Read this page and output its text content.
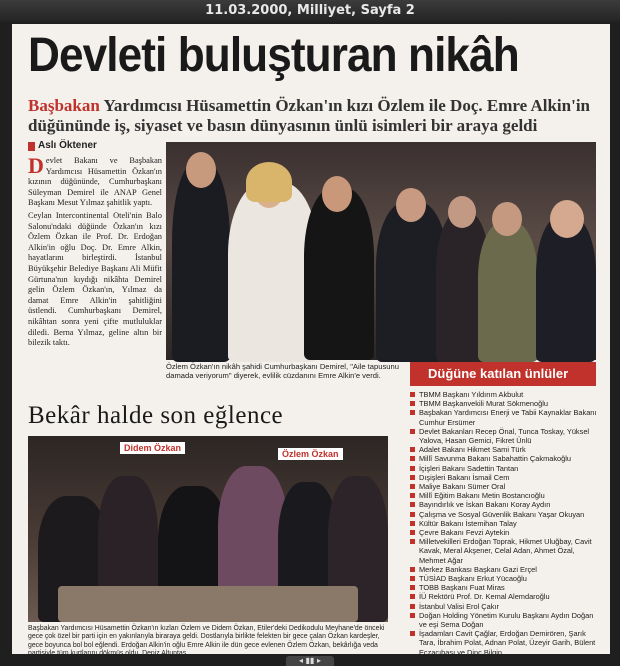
11.03.2000, Milliyet, Sayfa 2
Devleti buluşturan nikâh
Başbakan Yardımcısı Hüsamettin Özkan'ın kızı Özlem ile Doç. Emre Alkin'in düğününde iş, siyaset ve basın dünyasının ünlü isimleri bir araya geldi
Aslı Öktener

Devlet Bakanı ve Başbakan Yardımcısı Hüsamettin Özkan'ın kızının düğününde, Cumhurbaşkanı Süleyman Demirel ile ANAP Genel Başkanı Mesut Yılmaz şahitlik yaptı.

Ceylan Intercontinental Oteli'nin Balo Salonu'ndaki düğünde Özkan'ın kızı Özlem Özkan ile Prof. Dr. Erdoğan Alkin'in oğlu Doç. Dr. Emre Alkin, hayatlarını birleştirdi. İstanbul Büyükşehir Belediye Başkanı Ali Müfit Gürtuna'nın kıydığı nikâhta Demirel gelin Özlem Özkan'ın, Yılmaz da damat Emre Alkin'in şahitliğini üstlendi. Cumhurbaşkanı Demirel, nikâhtan sonra yeni çifte mutluluklar diledi. Berna Yılmaz, geline altın bir bilezik taktı.

Özlem Özkan'ın nikâh şahidi Cumhurbaşkanı Demirel, "Aile tapusunu damada veriyorum" diyerek, evlilik cüzdanını Emre Alkin'e verdi.	Düğüne katılan ünlüler
Bekâr halde son eğlence
Didem Özkan
Özlem Özkan
Başbakan Yardımcısı Hüsamettin Özkan'ın kızları Özlem ve Didem Özkan, Etiler'deki Dedikodulu Meyhane'de önceki gece çok özel bir parti için en yakınlarıyla biraraya geldi. Dostlarıyla birlikte felekten bir gece çalan Özkan kardeşler, gece boyunca bol bol eğlendi. Erdoğan Alkin'in oğlu Emre Alkin ile dün gece evlenen Özlem Özkan, bekârlığa veda partisiyle tüm kurtlarını dökmüş oldu. Deniz Altuntaş
TBMM Başkanı Yıldırım Akbulut
TBMM Başkanvekili Murat Sökmenoğlu
Başbakan Yardımcısı Enerji ve Tabii Kaynaklar Bakanı Cumhur Ersümer
Devlet Bakanları Recep Önal, Tunca Toskay, Yüksel Yalova, Hasan Gemici, Fikret Ünlü
Adalet Bakanı Hikmet Sami Türk
Millî Savunma Bakanı Sabahattin Çakmakoğlu
İçişleri Bakanı Sadettin Tantan
Dışişleri Bakanı İsmail Cem
Maliye Bakanı Sümer Oral
Millî Eğitim Bakanı Metin Bostancıoğlu
Bayındırlık ve İskan Bakanı Koray Aydın
Çalışma ve Sosyal Güvenlik Bakanı Yaşar Okuyan
Kültür Bakanı İstemihan Talay
Çevre Bakanı Fevzi Aytekin
Milletvekilleri Erdoğan Toprak, Hikmet Uluğbay, Cavit Kavak, Meral Akşener, Celal Adan, Ahmet Özal, Mehmet Ağar
Merkez Bankası Başkanı Gazi Erçel
TÜSİAD Başkanı Erkut Yücaoğlu
TOBB Başkanı Fuat Miras
İÜ Rektörü Prof. Dr. Kemal Alemdaroğlu
İstanbul Valisi Erol Çakır
Doğan Holding Yönetim Kurulu Başkanı Aydın Doğan ve eşi Sema Doğan
İşadamları Cavit Çağlar, Erdoğan Demirören, Şarık Tara, İbrahim Polat, Adnan Polat, Üzeyir Garih, Bülent Eczacıbaşı ve Dinç Bilgin
◂ ▮▮ ▸
